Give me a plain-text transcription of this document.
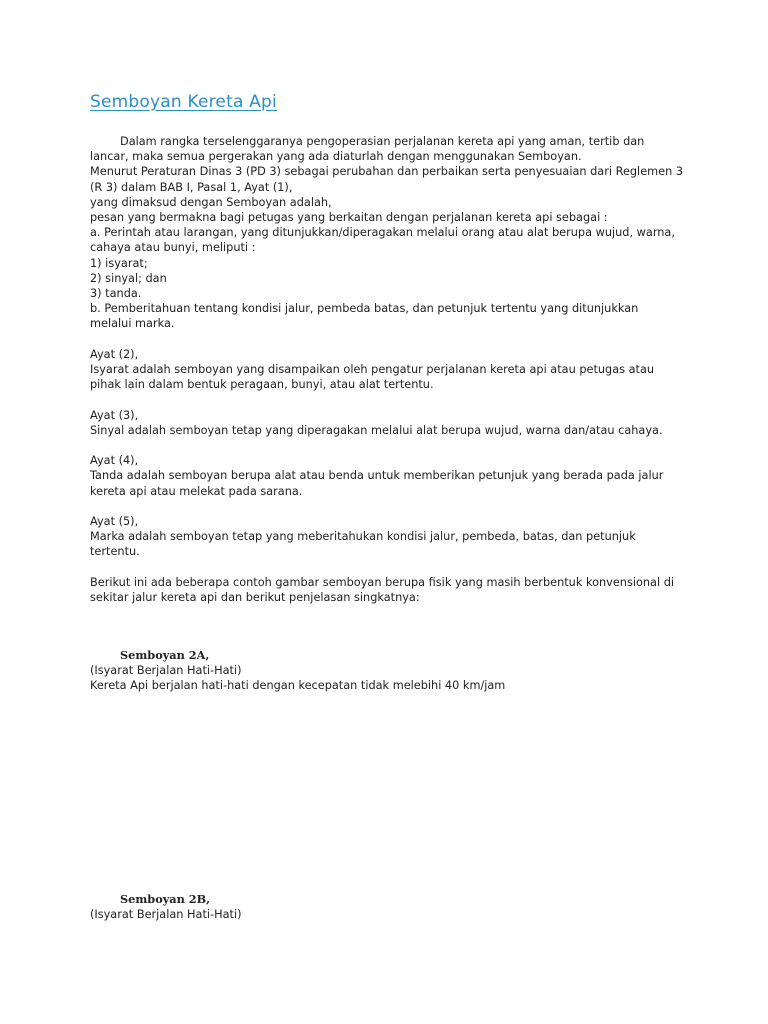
Semboyan Kereta Api

Dalam rangka terselenggaranya pengoperasian perjalanan kereta api yang aman, tertib dan

lancar, maka semua pergerakan yang ada diaturlah dengan menggunakan Semboyan.

Menurut Peraturan Dinas 3 (PD 3) sebagai perubahan dan perbaikan serta penyesuaian dari Reglemen 3

(R 3) dalam BAB I, Pasal 1, Ayat (1),

yang dimaksud dengan Semboyan adalah,

pesan yang bermakna bagi petugas yang berkaitan dengan perjalanan kereta api sebagai :

a. Perintah atau larangan, yang ditunjukkan/diperagakan melalui orang atau alat berupa wujud, warna,

cahaya atau bunyi, meliputi :

1) isyarat;

2) sinyal; dan

3) tanda.

b. Pemberitahuan tentang kondisi jalur, pembeda batas, dan petunjuk tertentu yang ditunjukkan

melalui marka.

Ayat (2),

Isyarat adalah semboyan yang disampaikan oleh pengatur perjalanan kereta api atau petugas atau

pihak lain dalam bentuk peragaan, bunyi, atau alat tertentu.

Ayat (3),

Sinyal adalah semboyan tetap yang diperagakan melalui alat berupa wujud, warna dan/atau cahaya.

Ayat (4),

Tanda adalah semboyan berupa alat atau benda untuk memberikan petunjuk yang berada pada jalur

kereta api atau melekat pada sarana.

Ayat (5),

Marka adalah semboyan tetap yang meberitahukan kondisi jalur, pembeda, batas, dan petunjuk

tertentu.

Berikut ini ada beberapa contoh gambar semboyan berupa fisik yang masih berbentuk konvensional di

sekitar jalur kereta api dan berikut penjelasan singkatnya:

Semboyan 2A,

(Isyarat Berjalan Hati-Hati)

Kereta Api berjalan hati-hati dengan kecepatan tidak melebihi 40 km/jam

Semboyan 2B,

(Isyarat Berjalan Hati-Hati)
